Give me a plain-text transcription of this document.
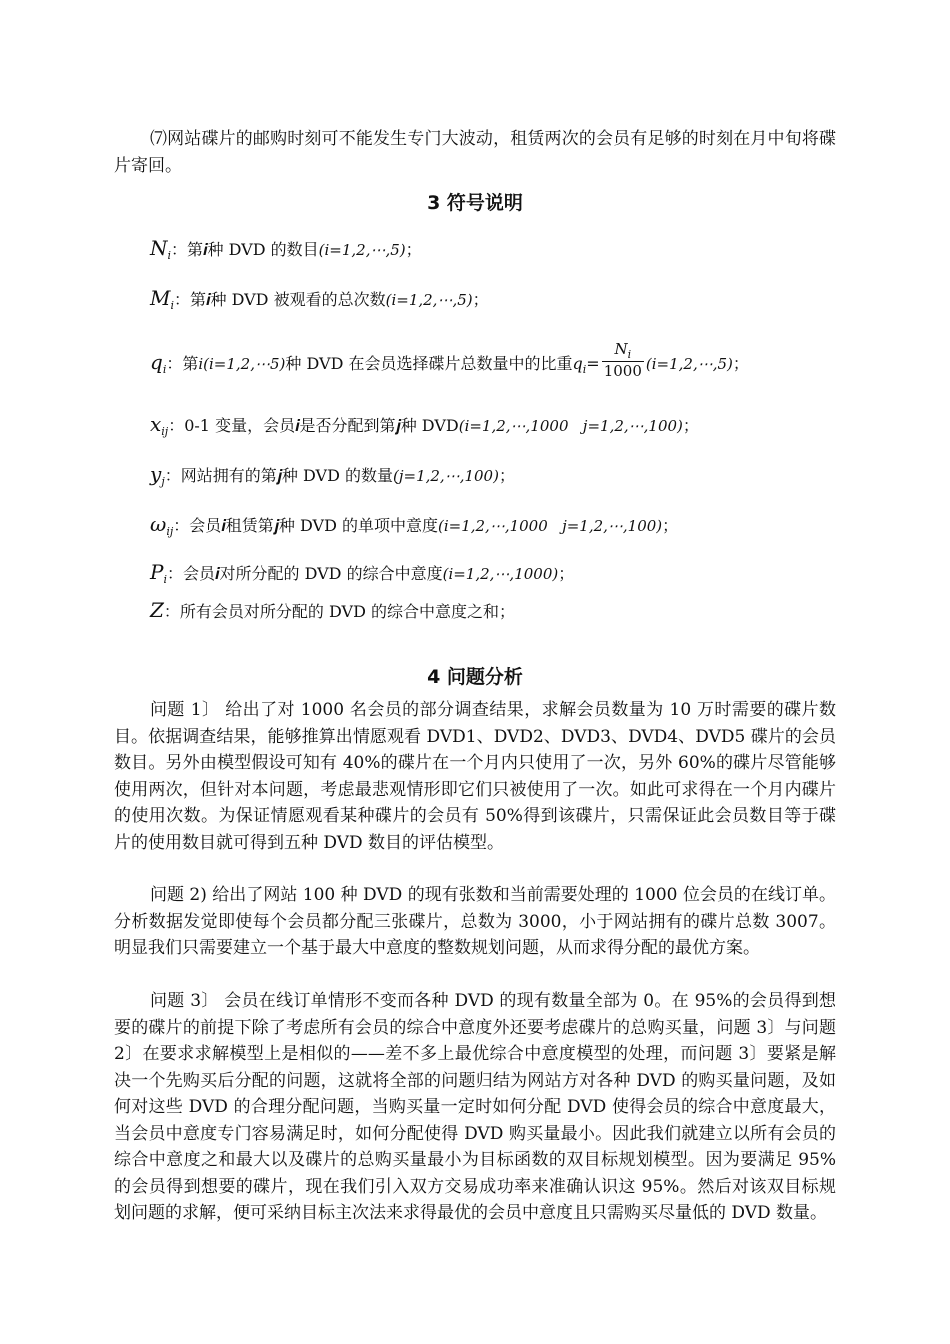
⑺网站碟片的邮购时刻可不能发生专门大波动，租赁两次的会员有足够的时刻在月中旬将碟片寄回。

3 符号说明
$N_i$：第𝒊种 DVD 的数目(i=1,2,⋯,5)；
$M_i$：第𝒊种 DVD 被观看的总次数(i=1,2,⋯,5)；
$q_i$：第i(i=1,2,⋯5)种 DVD 在会员选择碟片总数量中的比重$q_i= \frac{N_i}{1000}$ (i=1,2,⋯,5)；
$x_{ij}$：0-1 变量，会员𝒊是否分配到第𝒋种 DVD(i=1,2,⋯,1000   j=1,2,⋯,100)；
$y_j$：网站拥有的第𝒋种 DVD 的数量(j=1,2,⋯,100)；
$\omega_{ij}$：会员𝒊租赁第𝒋种 DVD 的单项中意度(i=1,2,⋯,1000   j=1,2,⋯,100)；
$P_i$：会员𝒊对所分配的 DVD 的综合中意度(i=1,2,⋯,1000)；
Z：所有会员对所分配的 DVD 的综合中意度之和；
4 问题分析

问题 1〕 给出了对 1000 名会员的部分调查结果，求解会员数量为 10 万时需要的碟片数目。依据调查结果，能够推算出情愿观看 DVD1、DVD2、DVD3、DVD4、DVD5 碟片的会员数目。另外由模型假设可知有 40%的碟片在一个月内只使用了一次，另外 60%的碟片尽管能够使用两次，但针对本问题，考虑最悲观情形即它们只被使用了一次。如此可求得在一个月内碟片的使用次数。为保证情愿观看某种碟片的会员有 50%得到该碟片，只需保证此会员数目等于碟片的使用数目就可得到五种 DVD 数目的评估模型。

问题 2) 给出了网站 100 种 DVD 的现有张数和当前需要处理的 1000 位会员的在线订单。分析数据发觉即使每个会员都分配三张碟片，总数为 3000，小于网站拥有的碟片总数 3007。明显我们只需要建立一个基于最大中意度的整数规划问题，从而求得分配的最优方案。

问题 3〕 会员在线订单情形不变而各种 DVD 的现有数量全部为 0。在 95%的会员得到想要的碟片的前提下除了考虑所有会员的综合中意度外还要考虑碟片的总购买量，问题 3〕与问题 2〕在要求求解模型上是相似的——差不多上最优综合中意度模型的处理，而问题 3〕要紧是解决一个先购买后分配的问题，这就将全部的问题归结为网站方对各种 DVD 的购买量问题，及如何对这些 DVD 的合理分配问题，当购买量一定时如何分配 DVD 使得会员的综合中意度最大，当会员中意度专门容易满足时，如何分配使得 DVD 购买量最小。因此我们就建立以所有会员的综合中意度之和最大以及碟片的总购买量最小为目标函数的双目标规划模型。因为要满足 95%的会员得到想要的碟片，现在我们引入双方交易成功率来准确认识这 95%。然后对该双目标规划问题的求解，便可采纳目标主次法来求得最优的会员中意度且只需购买尽量低的 DVD 数量。
